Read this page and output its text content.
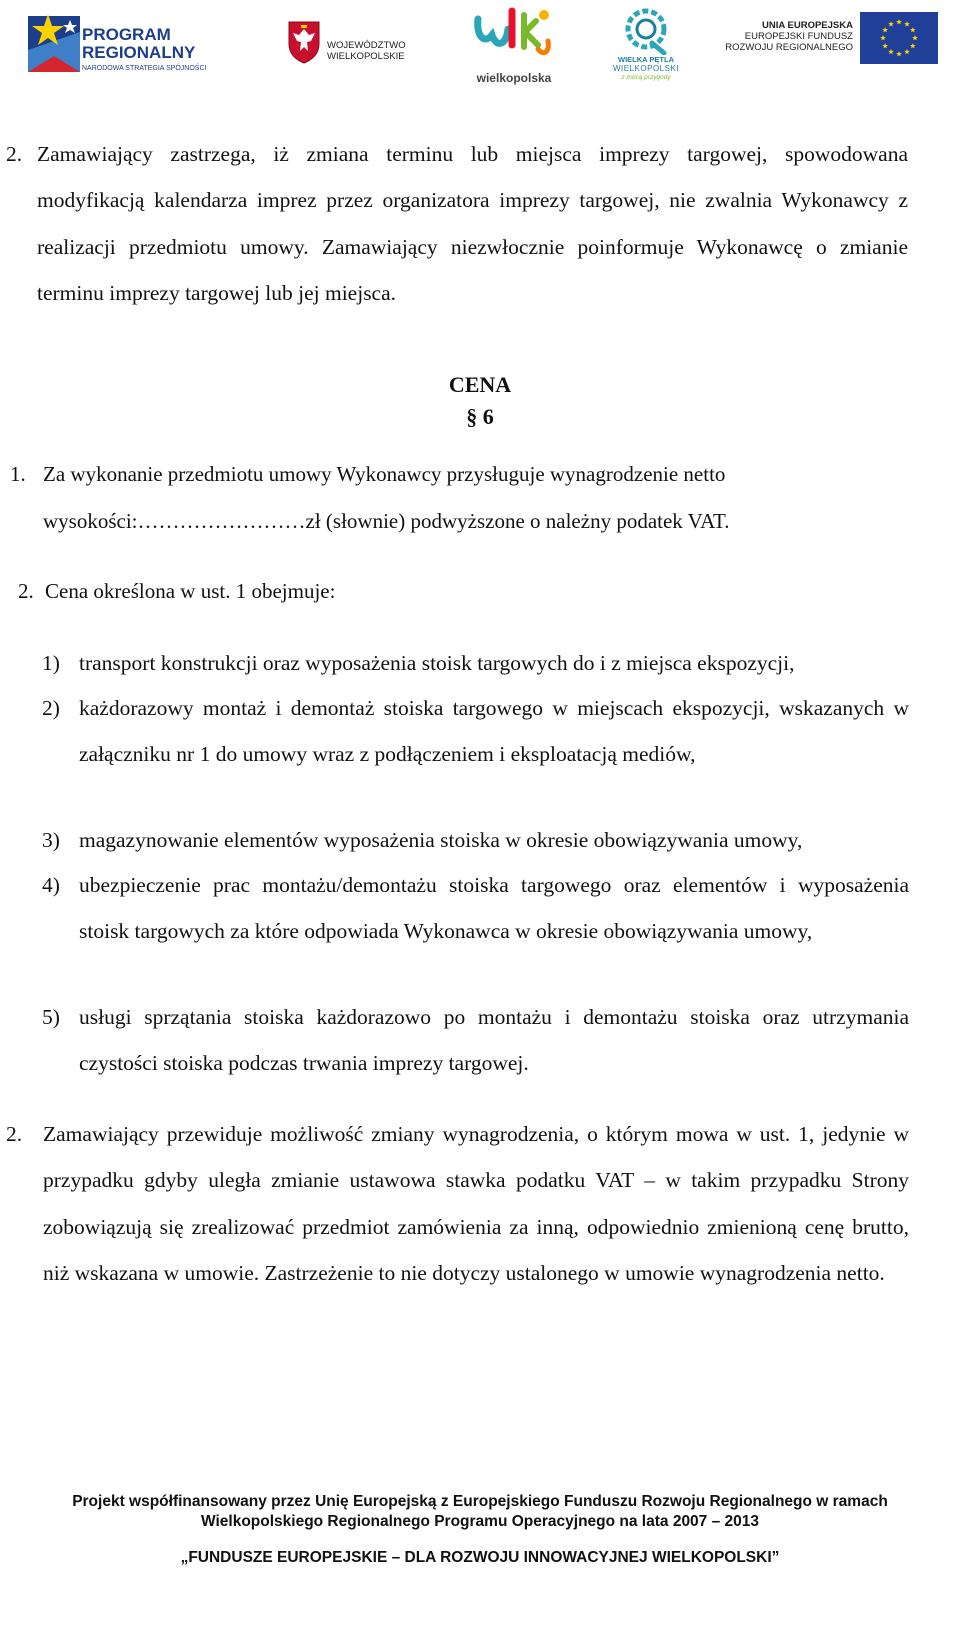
PROGRAM
REGIONALNY
NARODOWA STRATEGIA SPÓJNOŚCI
WOJEWÓDZTWO
WIELKOPOLSKIE
wielkopolska
WIELKA PĘTLA
WIELKOPOLSKI
z mocą przygody
UNIA EUROPEJSKA
EUROPEJSKI FUNDUSZ
ROZWOJU REGIONALNEGO
2. Zamawiający zastrzega, iż zmiana terminu lub miejsca imprezy targowej, spowodowana modyfikacją kalendarza imprez przez organizatora imprezy targowej, nie zwalnia Wykonawcy z realizacji przedmiotu umowy. Zamawiający niezwłocznie poinformuje Wykonawcę o zmianie terminu imprezy targowej lub jej miejsca.

CENA
§ 6
1. Za wykonanie przedmiotu umowy Wykonawcy przysługuje wynagrodzenie netto
wysokości:……………………zł (słownie) podwyższone o należny podatek VAT.
2. Cena określona w ust. 1 obejmuje:
1) transport konstrukcji oraz wyposażenia stoisk targowych do i z miejsca ekspozycji,

2) każdorazowy montaż i demontaż stoiska targowego w miejscach ekspozycji, wskazanych w załączniku nr 1 do umowy wraz z podłączeniem i eksploatacją mediów,

3) magazynowanie elementów wyposażenia stoiska w okresie obowiązywania umowy,

4) ubezpieczenie prac montażu/demontażu stoiska targowego oraz elementów i wyposażenia stoisk targowych za które odpowiada Wykonawca w okresie obowiązywania umowy,

5) usługi sprzątania stoiska każdorazowo po montażu i demontażu stoiska oraz utrzymania czystości stoiska podczas trwania imprezy targowej.

2. Zamawiający przewiduje możliwość zmiany wynagrodzenia, o którym mowa w ust. 1, jedynie w przypadku gdyby uległa zmianie ustawowa stawka podatku VAT – w takim przypadku Strony zobowiązują się zrealizować przedmiot zamówienia za inną, odpowiednio zmienioną cenę brutto, niż wskazana w umowie. Zastrzeżenie to nie dotyczy ustalonego w umowie wynagrodzenia netto.

Projekt współfinansowany przez Unię Europejską z Europejskiego Funduszu Rozwoju Regionalnego w ramach
Wielkopolskiego Regionalnego Programu Operacyjnego na lata 2007 – 2013
„FUNDUSZE EUROPEJSKIE – DLA ROZWOJU INNOWACYJNEJ WIELKOPOLSKI”
